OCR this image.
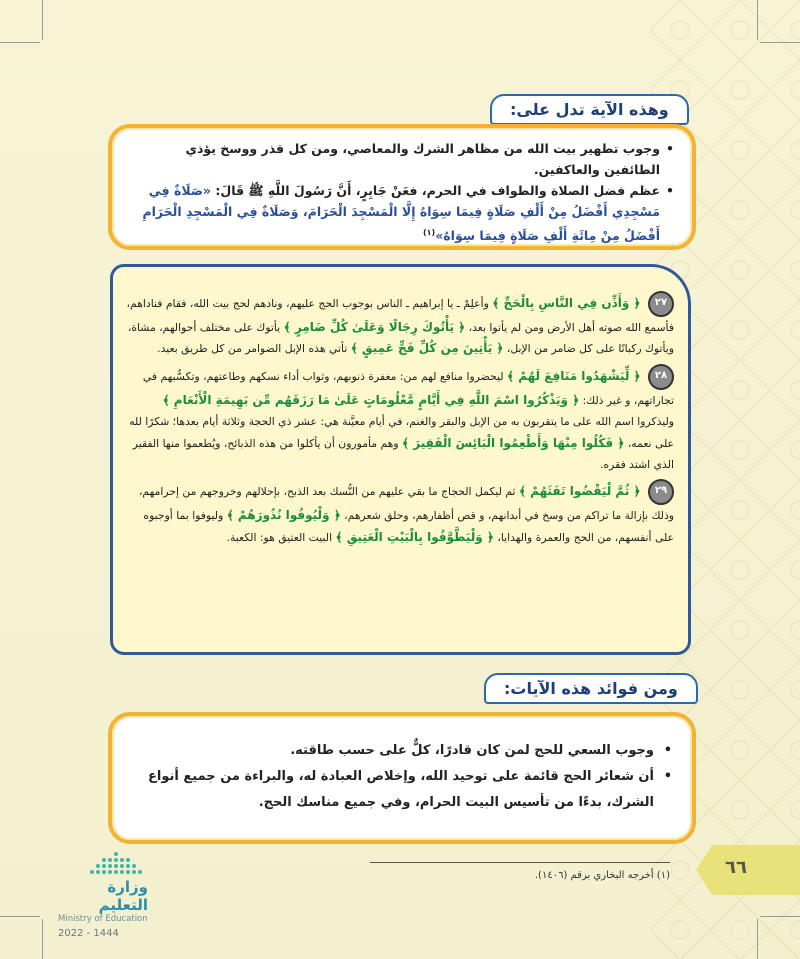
وهذه الآية تدل على:
• وجوب تطهير بيت الله من مظاهر الشرك والمعاصي، ومن كل قذر ووسخ يؤذي الطائفين والعاكفين.
• عظم فضل الصلاة والطواف في الحرم، فعَنْ جَابِرٍ، أَنَّ رَسُولَ اللَّهِ ﷺ قَالَ: «صَلَاةٌ فِي مَسْجِدِي أَفْضَلُ مِنْ أَلْفِ صَلَاةٍ فِيمَا سِوَاهُ إِلَّا الْمَسْجِدَ الْحَرَامَ، وَصَلَاةٌ فِي الْمَسْجِدِ الْحَرَامِ أَفْضَلُ مِنْ مِائَةِ أَلْفِ صَلَاةٍ فِيمَا سِوَاهُ»$^{(١)}$

٢٧ ﴿ وَأَذِّن فِي النَّاسِ بِالْحَجِّ ﴾ وأعلِمْ ـ يا إبراهيم ـ الناس بوجوب الحج عليهم، ونادهم لحج بيت الله، فقام فناداهم، فأسمع الله صوته أهل الأرض ومن لم يأتوا بعد، ﴿ يَأْتُوكَ رِجَالًا وَعَلَىٰ كُلِّ ضَامِرٍ ﴾ يأتوك على مختلف أحوالهم، مشاة، ويأتوك ركبانًا على كل ضامر من الإبل، ﴿ يَأْتِينَ مِن كُلِّ فَجٍّ عَمِيقٍ ﴾ تأتي هذه الإبل الضوامر من كل طريق بعيد.

٢٨ ﴿ لِّيَشْهَدُوا مَنَافِعَ لَهُمْ ﴾ ليحضروا منافع لهم من: مغفرة ذنوبهم، وثواب أداء نسكهم وطاعتهم، وتكسُّبهم في تجاراتهم، و غير ذلك: ﴿ وَيَذْكُرُوا اسْمَ اللَّهِ فِي أَيَّامٍ مَّعْلُومَاتٍ عَلَىٰ مَا رَزَقَهُم مِّن بَهِيمَةِ الْأَنْعَامِ ﴾ وليذكروا اسم الله على ما يتقربون به من الإبل والبقر والغنم، في أيام معيَّنة هي: عشر ذي الحجة وثلاثة أيام بعدها؛ شكرًا لله على نعمه، ﴿ فَكُلُوا مِنْهَا وَأَطْعِمُوا الْبَائِسَ الْفَقِيرَ ﴾ وهم مأمورون أن يأكلوا من هذه الذبائح، ويُطعموا منها الفقير الذي اشتد فقره.

٢٩ ﴿ ثُمَّ لْيَقْضُوا تَفَثَهُمْ ﴾ ثم ليكمل الحجاج ما بقي عليهم من النُّسك بعد الذبح، بإحلالهم وخروجهم من إحرامهم، وذلك بإزالة ما تراكم من وسخ في أبدانهم، و قص أظفارهم، وحلق شعرهم، ﴿ وَلْيُوفُوا نُذُورَهُمْ ﴾ وليوفوا بما أوجبوه على أنفسهم، من الحج والعمرة والهدايا، ﴿ وَلْيَطَّوَّفُوا بِالْبَيْتِ الْعَتِيقِ ﴾ البيت العتيق هو: الكعبة.

ومن فوائد هذه الآيات:
• وجوب السعي للحج لمن كان قادرًا، كلٌّ على حسب طاقته.
• أن شعائر الحج قائمة على توحيد الله، وإخلاص العبادة له، والبراءة من جميع أنواع الشرك، بدءًا من تأسيس البيت الحرام، وفي جميع مناسك الحج.
(١) أخرجه البخاري برقم (١٤٠٦).	٦٦
وزارة التعليم
Ministry of Education
2022 - 1444
